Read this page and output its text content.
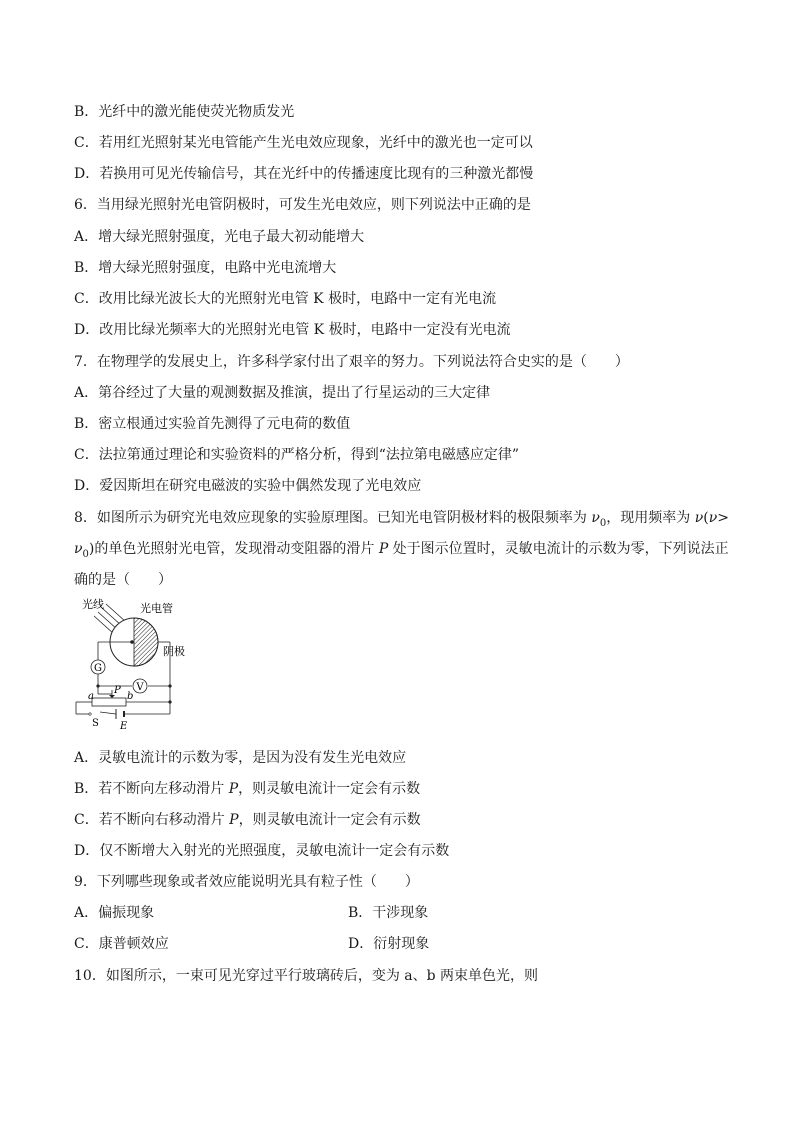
B．光纤中的激光能使荧光物质发光
C．若用红光照射某光电管能产生光电效应现象，光纤中的激光也一定可以
D．若换用可见光传输信号，其在光纤中的传播速度比现有的三种激光都慢
6．当用绿光照射光电管阴极时，可发生光电效应，则下列说法中正确的是
A．增大绿光照射强度，光电子最大初动能增大
B．增大绿光照射强度，电路中光电流增大
C．改用比绿光波长大的光照射光电管 K 极时，电路中一定有光电流
D．改用比绿光频率大的光照射光电管 K 极时，电路中一定没有光电流
7．在物理学的发展史上，许多科学家付出了艰辛的努力。下列说法符合史实的是（　　）
A．第谷经过了大量的观测数据及推演，提出了行星运动的三大定律
B．密立根通过实验首先测得了元电荷的数值
C．法拉第通过理论和实验资料的严格分析，得到“法拉第电磁感应定律”
D．爱因斯坦在研究电磁波的实验中偶然发现了光电效应
8．如图所示为研究光电效应现象的实验原理图。已知光电管阴极材料的极限频率为 $\nu_0$，现用频率为 ν(ν>
$\nu_0$)的单色光照射光电管，发现滑动变阻器的滑片 P 处于图示位置时，灵敏电流计的示数为零，下列说法正
确的是（　　）
G
V
光线	光电管
阴极
P
a	b
S E
A．灵敏电流计的示数为零，是因为没有发生光电效应
B．若不断向左移动滑片 P，则灵敏电流计一定会有示数
C．若不断向右移动滑片 P，则灵敏电流计一定会有示数
D．仅不断增大入射光的光照强度，灵敏电流计一定会有示数
9．下列哪些现象或者效应能说明光具有粒子性（　　）
A．偏振现象	B．干涉现象
C．康普顿效应	D．衍射现象
10．如图所示，一束可见光穿过平行玻璃砖后，变为 a、b 两束单色光，则
